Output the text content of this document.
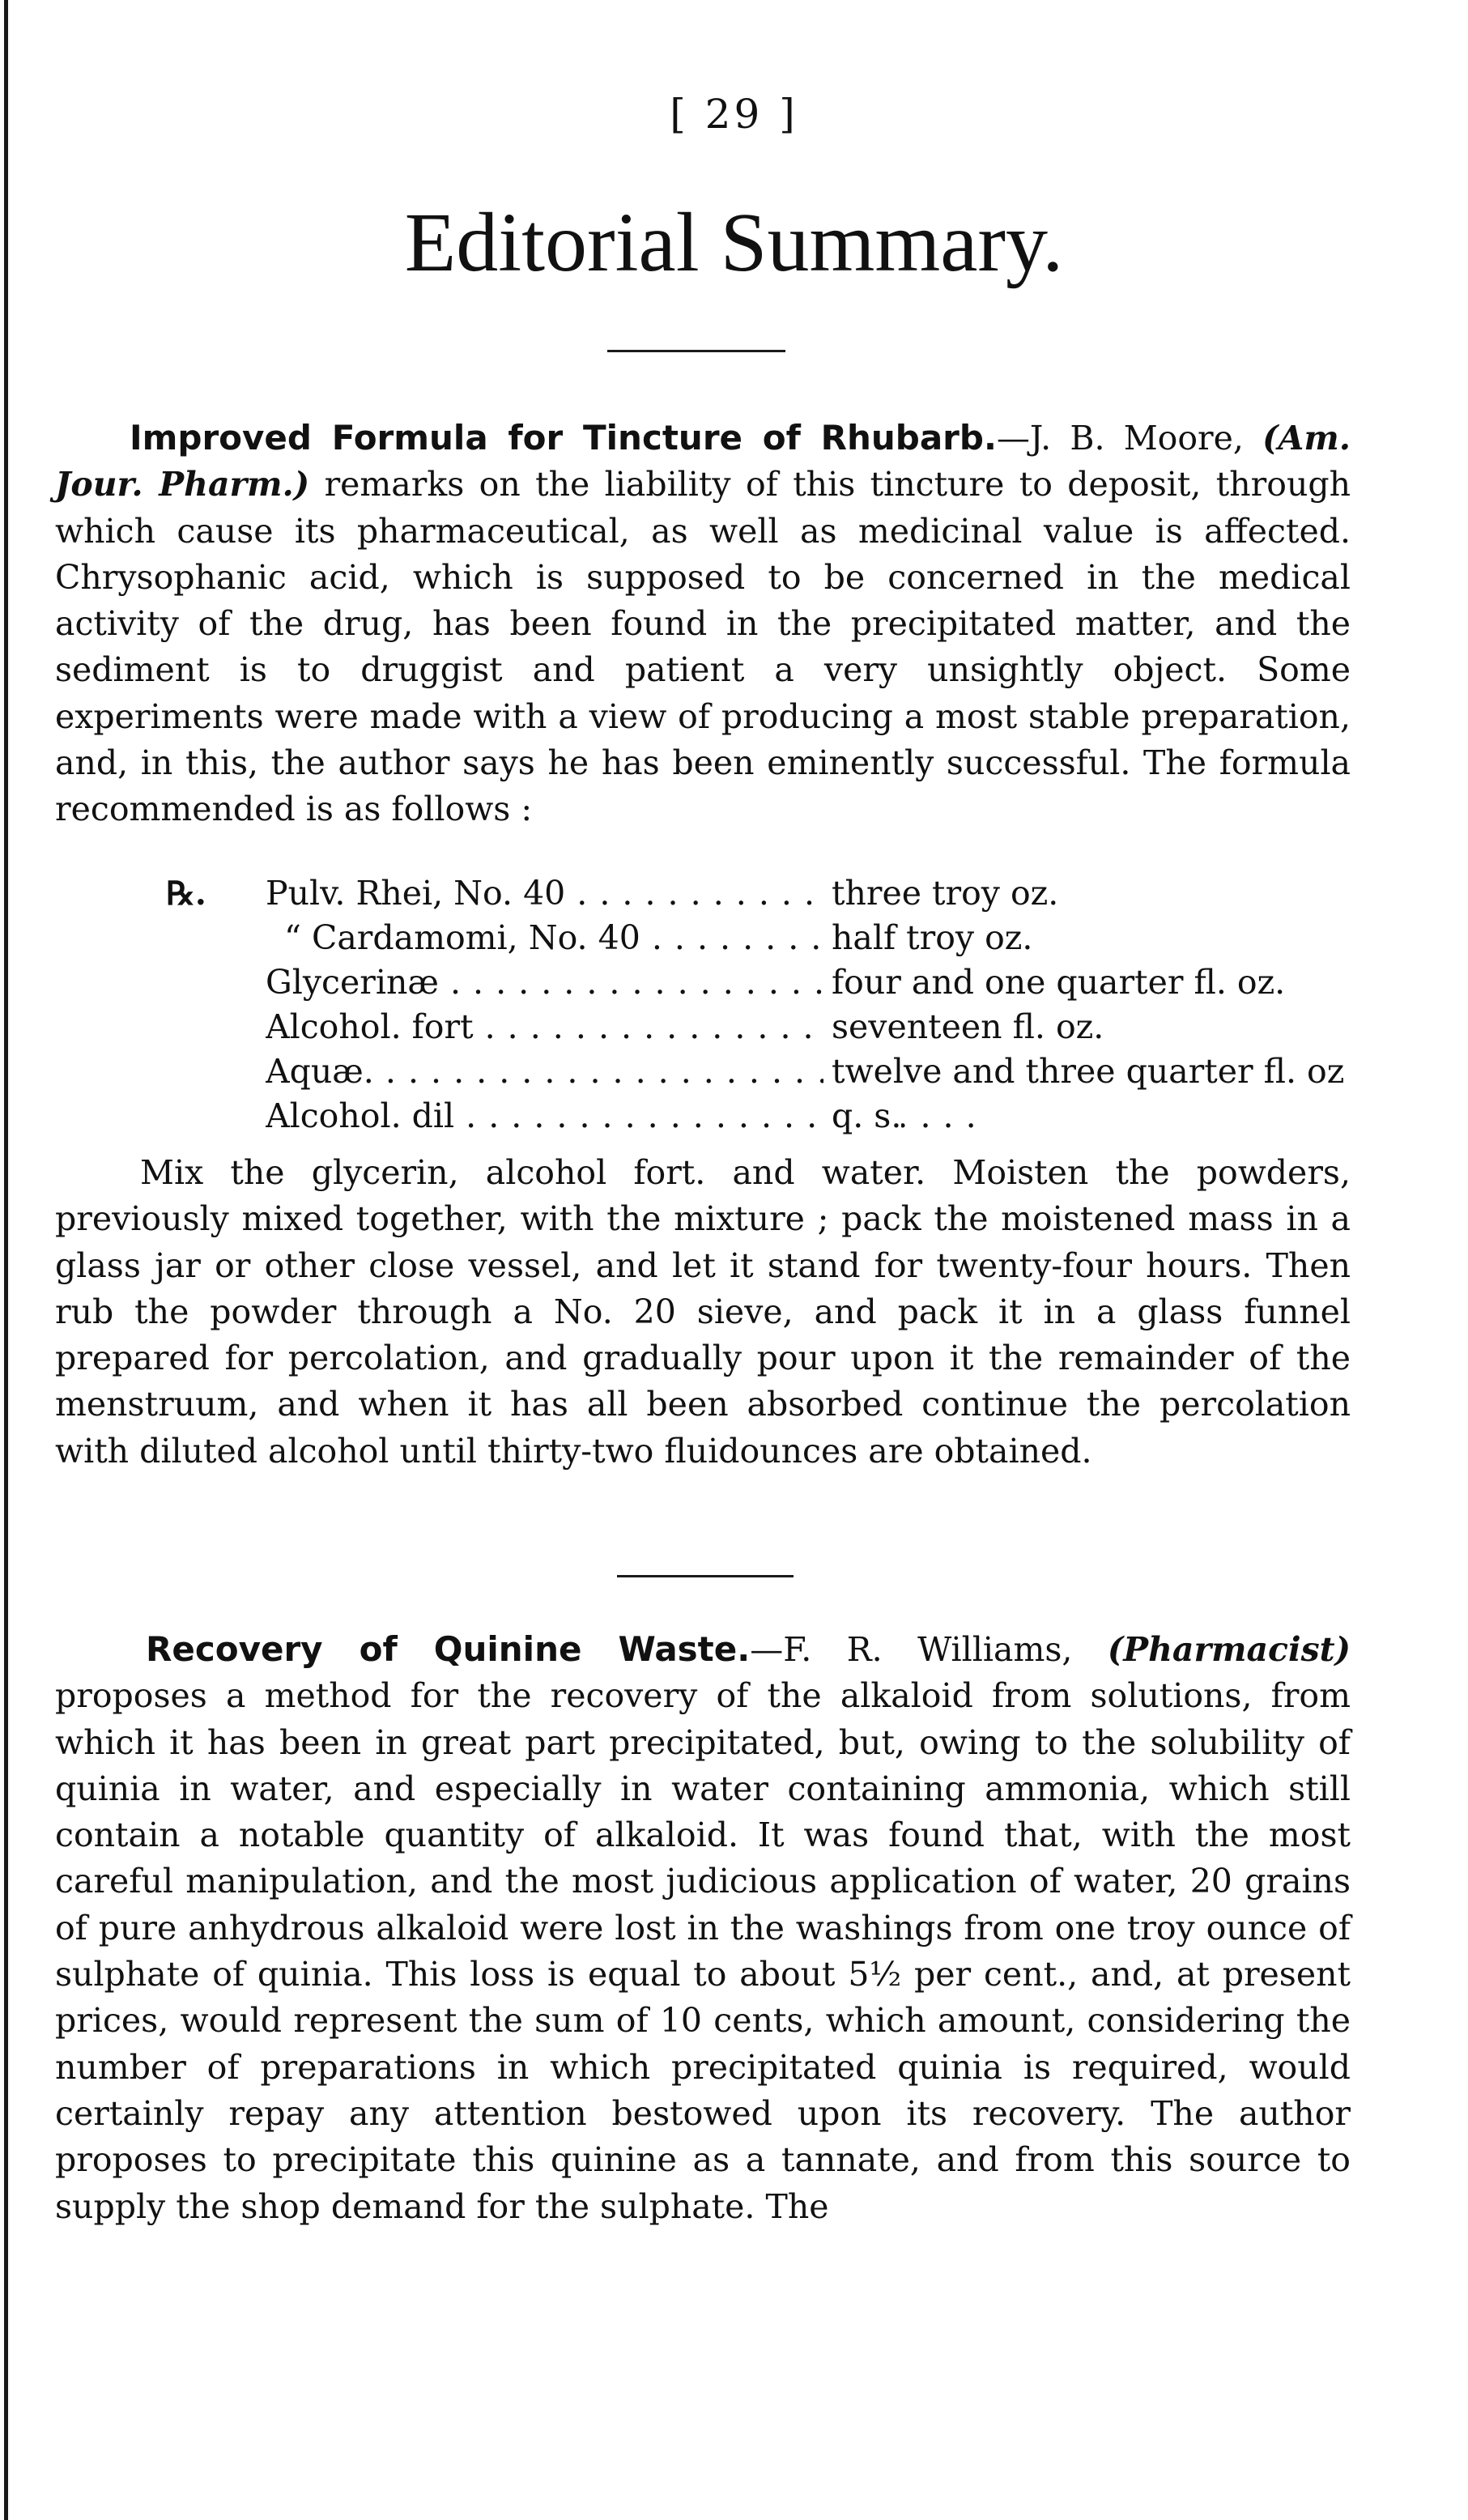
[ 29 ]
Editorial Summary.

Improved Formula for Tincture of Rhubarb.—J. B. Moore, (Am. Jour. Pharm.) remarks on the liability of this tincture to deposit, through which cause its pharmaceutical, as well as medicinal value is affected. Chrysophanic acid, which is supposed to be concerned in the medical activity of the drug, has been found in the precipitated matter, and the sediment is to druggist and patient a very unsightly object. Some experiments were made with a view of producing a most stable preparation, and, in this, the author says he has been eminently successful. The formula recommended is as follows :

℞. Pulv. Rhei, No. 40 . . .	three troy oz.
“ Cardamomi, No. 40 . . .	half troy oz.
Glycerinæ . . .	four and one quarter fl. oz.
Alcohol. fort . . .	seventeen fl. oz.
Aquæ. . . .	twelve and three quarter fl. oz
Alcohol. dil . . .	q. s.

Mix the glycerin, alcohol fort. and water. Moisten the powders, previously mixed together, with the mixture ; pack the moistened mass in a glass jar or other close vessel, and let it stand for twenty-four hours. Then rub the powder through a No. 20 sieve, and pack it in a glass funnel prepared for percolation, and gradually pour upon it the remainder of the menstruum, and when it has all been absorbed continue the percolation with diluted alcohol until thirty-two fluidounces are obtained.

Recovery of Quinine Waste.—F. R. Williams, (Pharmacist) proposes a method for the recovery of the alkaloid from solutions, from which it has been in great part precipitated, but, owing to the solubility of quinia in water, and especially in water containing ammonia, which still contain a notable quantity of alkaloid. It was found that, with the most careful manipulation, and the most judicious application of water, 20 grains of pure anhydrous alkaloid were lost in the washings from one troy ounce of sulphate of quinia. This loss is equal to about 5½ per cent., and, at present prices, would represent the sum of 10 cents, which amount, considering the number of preparations in which precipitated quinia is required, would certainly repay any attention bestowed upon its recovery. The author proposes to precipitate this quinine as a tannate, and from this source to supply the shop demand for the sulphate. The
